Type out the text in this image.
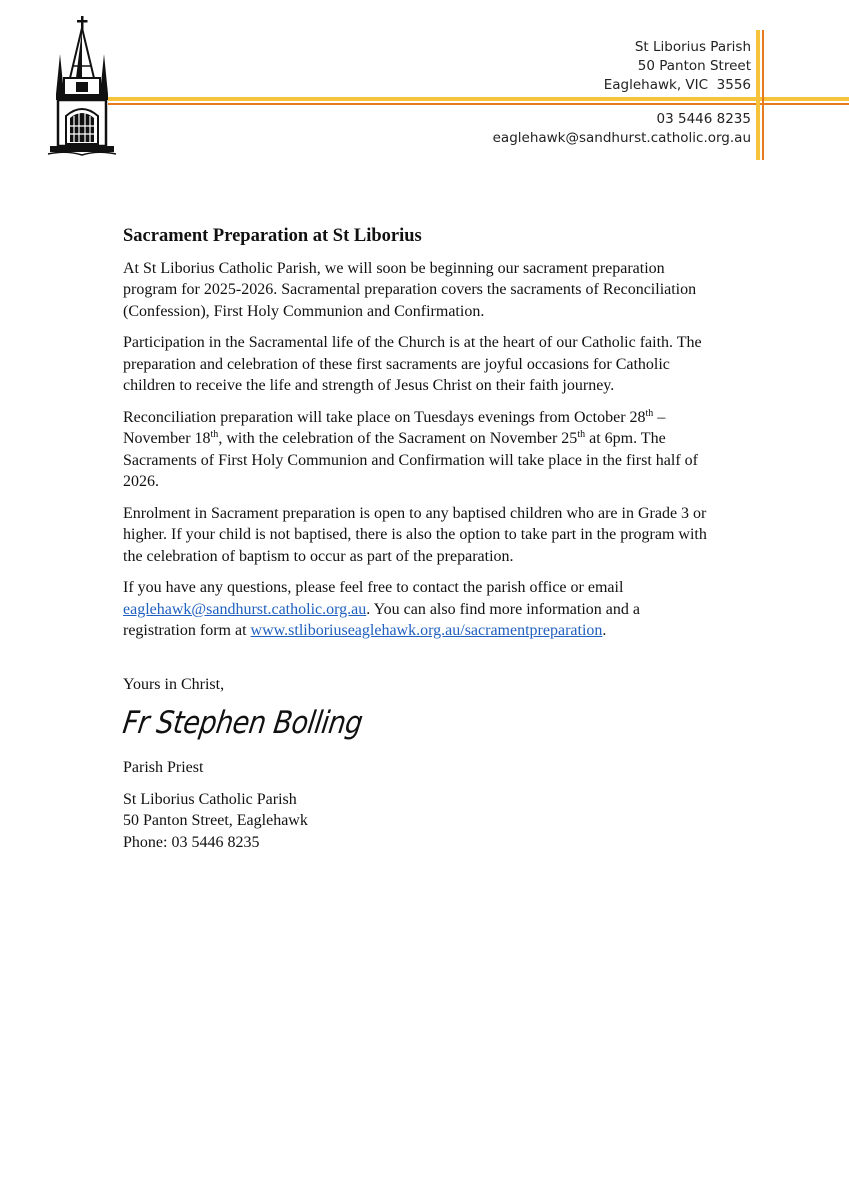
St Liborius Parish
50 Panton Street
Eaglehawk, VIC  3556
03 5446 8235
eaglehawk@sandhurst.catholic.org.au
Sacrament Preparation at St Liborius

At St Liborius Catholic Parish, we will soon be beginning our sacrament preparation program for 2025-2026. Sacramental preparation covers the sacraments of Reconciliation (Confession), First Holy Communion and Confirmation.

Participation in the Sacramental life of the Church is at the heart of our Catholic faith. The preparation and celebration of these first sacraments are joyful occasions for Catholic children to receive the life and strength of Jesus Christ on their faith journey.

Reconciliation preparation will take place on Tuesdays evenings from October 28th – November 18th, with the celebration of the Sacrament on November 25th at 6pm. The Sacraments of First Holy Communion and Confirmation will take place in the first half of 2026.

Enrolment in Sacrament preparation is open to any baptised children who are in Grade 3 or higher. If your child is not baptised, there is also the option to take part in the program with the celebration of baptism to occur as part of the preparation.

If you have any questions, please feel free to contact the parish office or email eaglehawk@sandhurst.catholic.org.au. You can also find more information and a registration form at www.stliboriuseaglehawk.org.au/sacramentpreparation.

Yours in Christ,

Fr Stephen Bolling

Parish Priest

St Liborius Catholic Parish

50 Panton Street, Eaglehawk

Phone: 03 5446 8235
